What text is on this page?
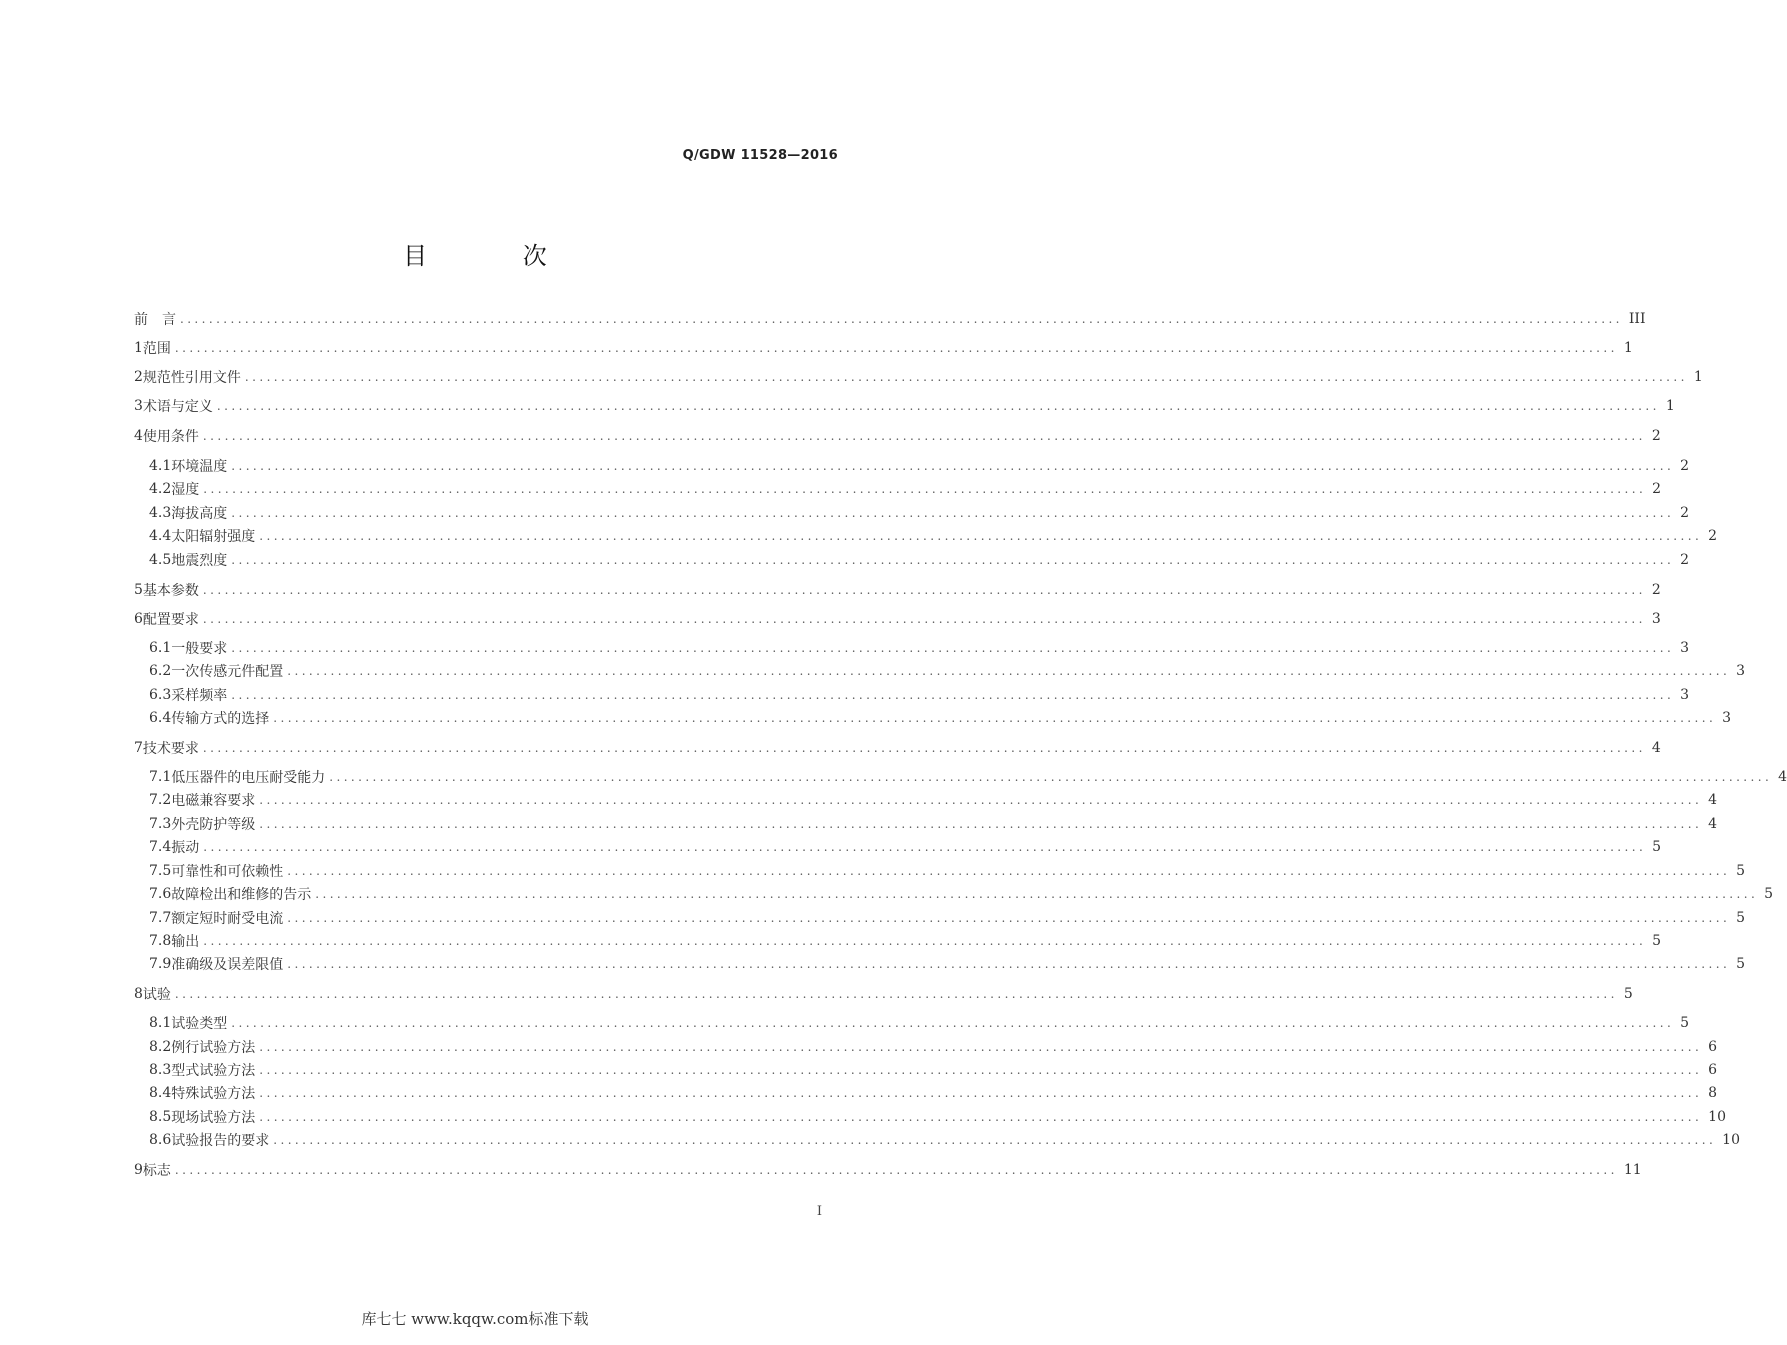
Q/GDW 11528—2016
目 次
前　言 ........................................................................................................................................................................................................ III
1 范围 ........................................................................................................................................................................................................ 1
2 规范性引用文件 ........................................................................................................................................................................................................ 1
3 术语与定义 ........................................................................................................................................................................................................ 1
4 使用条件 ........................................................................................................................................................................................................ 2
4.1 环境温度 ........................................................................................................................................................................................................ 2
4.2 湿度 ........................................................................................................................................................................................................ 2
4.3 海拔高度 ........................................................................................................................................................................................................ 2
4.4 太阳辐射强度 ........................................................................................................................................................................................................ 2
4.5 地震烈度 ........................................................................................................................................................................................................ 2
5 基本参数 ........................................................................................................................................................................................................ 2
6 配置要求 ........................................................................................................................................................................................................ 3
6.1 一般要求 ........................................................................................................................................................................................................ 3
6.2 一次传感元件配置 ........................................................................................................................................................................................................ 3
6.3 采样频率 ........................................................................................................................................................................................................ 3
6.4 传输方式的选择 ........................................................................................................................................................................................................ 3
7 技术要求 ........................................................................................................................................................................................................ 4
7.1 低压器件的电压耐受能力 ........................................................................................................................................................................................................ 4
7.2 电磁兼容要求 ........................................................................................................................................................................................................ 4
7.3 外壳防护等级 ........................................................................................................................................................................................................ 4
7.4 振动 ........................................................................................................................................................................................................ 5
7.5 可靠性和可依赖性 ........................................................................................................................................................................................................ 5
7.6 故障检出和维修的告示 ........................................................................................................................................................................................................ 5
7.7 额定短时耐受电流 ........................................................................................................................................................................................................ 5
7.8 输出 ........................................................................................................................................................................................................ 5
7.9 准确级及误差限值 ........................................................................................................................................................................................................ 5
8 试验 ........................................................................................................................................................................................................ 5
8.1 试验类型 ........................................................................................................................................................................................................ 5
8.2 例行试验方法 ........................................................................................................................................................................................................ 6
8.3 型式试验方法 ........................................................................................................................................................................................................ 6
8.4 特殊试验方法 ........................................................................................................................................................................................................ 8
8.5 现场试验方法 ........................................................................................................................................................................................................ 10
8.6 试验报告的要求 ........................................................................................................................................................................................................ 10
9 标志 ........................................................................................................................................................................................................ 11
I
库七七 www.kqqw.com标准下载
